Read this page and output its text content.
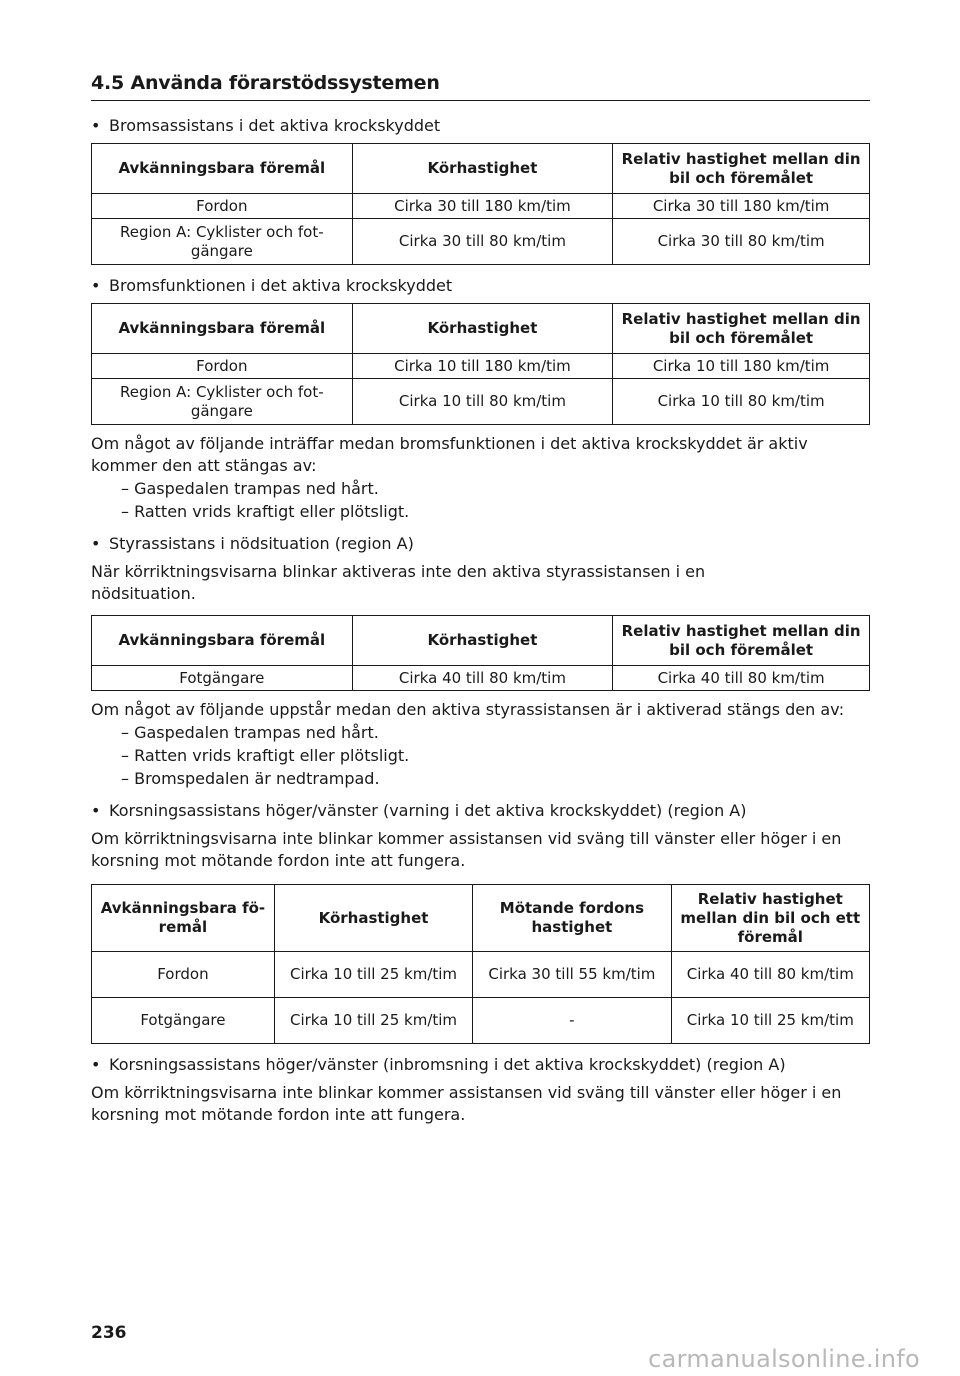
4.5 Använda förarstödssystemen
• Bromsassistans i det aktiva krockskyddet
Avkänningsbara föremål	Körhastighet	Relativ hastighet mellan din bil och föremålet
Fordon	Cirka 30 till 180 km/tim	Cirka 30 till 180 km/tim
Region A: Cyklister och fot-gängare	Cirka 30 till 80 km/tim	Cirka 30 till 80 km/tim
• Bromsfunktionen i det aktiva krockskyddet
Avkänningsbara föremål	Körhastighet	Relativ hastighet mellan din bil och föremålet
Fordon	Cirka 10 till 180 km/tim	Cirka 10 till 180 km/tim
Region A: Cyklister och fot-gängare	Cirka 10 till 80 km/tim	Cirka 10 till 80 km/tim

Om något av följande inträffar medan bromsfunktionen i det aktiva krockskyddet är aktiv kommer den att stängas av:

– Gaspedalen trampas ned hårt.
– Ratten vrids kraftigt eller plötsligt.
• Styrassistans i nödsituation (region A)

När körriktningsvisarna blinkar aktiveras inte den aktiva styrassistansen i en nödsituation.

Avkänningsbara föremål	Körhastighet	Relativ hastighet mellan din bil och föremålet
Fotgängare	Cirka 40 till 80 km/tim	Cirka 40 till 80 km/tim

Om något av följande uppstår medan den aktiva styrassistansen är i aktiverad stängs den av:

– Gaspedalen trampas ned hårt.
– Ratten vrids kraftigt eller plötsligt.
– Bromspedalen är nedtrampad.
• Korsningsassistans höger/vänster (varning i det aktiva krockskyddet) (region A)

Om körriktningsvisarna inte blinkar kommer assistansen vid sväng till vänster eller höger i en korsning mot mötande fordon inte att fungera.

Avkänningsbara fö-remål	Körhastighet	Mötande fordons hastighet	Relativ hastighet mellan din bil och ett föremål
Fordon	Cirka 10 till 25 km/tim	Cirka 30 till 55 km/tim	Cirka 40 till 80 km/tim
Fotgängare	Cirka 10 till 25 km/tim	-	Cirka 10 till 25 km/tim
• Korsningsassistans höger/vänster (inbromsning i det aktiva krockskyddet) (region A)

Om körriktningsvisarna inte blinkar kommer assistansen vid sväng till vänster eller höger i en korsning mot mötande fordon inte att fungera.

236
carmanualsonline.info
